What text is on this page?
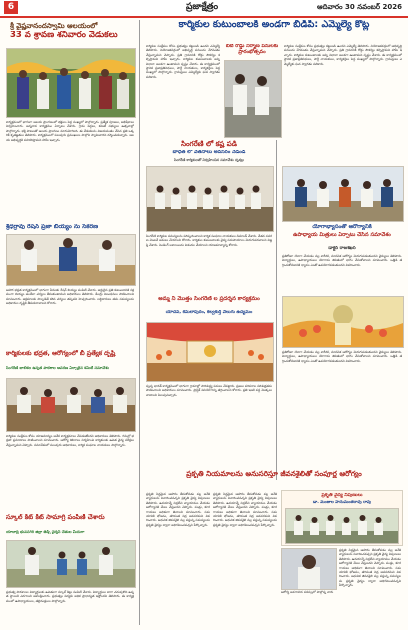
6	ప్రజాక్షేత్రం	ఆదివారం 30 నవంబర్ 2026
శ్రీ వైష్ణవానందస్వామి ఆలయంలో
33 వ శ్రావణ శనివారం వేడుకలు
కార్యక్రమంలో భాగంగా ఆలయ ప్రాంగణంలో భక్తులు పెద్ద సంఖ్యలో పాల్గొన్నారు. ప్రత్యేక పూజలు, అభిషేకాలు నిర్వహించారు. అన్నదాన కార్యక్రమం ఏర్పాటు చేశారు. గ్రామ పెద్దలు, కమిటీ సభ్యులు ఉత్సవాల్లో పాల్గొన్నారు. భక్తి పాటలతో ఆలయ ప్రాంగణం మారుమోగింది. ఈ వేడుకలను విజయవంతం చేసిన ప్రతి ఒక్కరికీ కృతజ్ఞతలు తెలిపారు. కార్యక్రమంలో పలువురు ప్రముఖులు పాల్గొని స్వామివారిని దర్శించుకున్నారు. ఆలయ అభివృద్ధికి సహకరిస్తామని హామీ ఇచ్చారు.
శ్రీధర్రావు రేషన్ ప్రజా బియ్యం ను సేకరణ
ఆహార భద్రత కార్యక్రమంలో భాగంగా పేదలకు రేషన్ బియ్యం పంపిణీ చేశారు. అర్హులైన ప్రతి కుటుంబానికి సక్రమంగా బియ్యం అందేలా చర్యలు తీసుకుంటామని అధికారులు తెలిపారు. డీలర్లు నిబంధనలు పాటించాలని సూచించారు. అక్రమాలకు పాల్పడితే కఠిన చర్యలు తప్పవని హెచ్చరించారు. లబ్ధిదారులు తమ సమస్యలను అధికారుల దృష్టికి తీసుకురావాలని కోరారు.
కార్మికులకు భద్రత, ఆరోగ్యంలో బీ ప్రత్యేక దృష్టి
సింగరేణి బాలికల ఉన్నత పాఠశాల ఆవరణ ఏర్పాటైన కమిటీ సమావేశం
కార్మికుల సంక్షేమం కోసం యాజమాన్యం అనేక కార్యక్రమాలు చేపడుతోందని అధికారులు తెలిపారు. గనుల్లో భద్రతా ప్రమాణాలు పాటించాలని సూచించారు. ఆరోగ్య శిబిరాలు నిర్వహించి కార్మికులకు ఉచిత వైద్య పరీక్షలు చేస్తున్నామని చెప్పారు. సమావేశంలో పలువురు అధికారులు, కార్మిక సంఘాల నాయకులు పాల్గొన్నారు.
స్కూల్ కిట్ కిట్ సామాగ్రి పంపిణీ చేశారు
యాదాద్రి భువనగిరి జిల్లా జెడ్పీ ఛైర్మన్ చేతుల మీదుగా
ప్రభుత్వ పాఠశాలల విద్యార్థులకు ఉచితంగా స్కూల్ కిట్లు పంపిణీ చేశారు. విద్యార్థులు బాగా చదువుకొని ఉన్నత స్థాయికి ఎదగాలని ఆకాంక్షించారు. ప్రభుత్వం విద్యకు అధిక ప్రాధాన్యత ఇస్తోందని తెలిపారు. ఈ కార్యక్రమంలో ఉపాధ్యాయులు, తల్లిదండ్రులు పాల్గొన్నారు.
కార్మికుల కుటుంబాలకి అండగా బీడీపీ: ఎమ్మెల్యే కొట్ల
కార్మికుల సంక్షేమం కోసం ప్రభుత్వం కట్టుబడి ఉందని ఎమ్మెల్యే తెలిపారు. నియోజకవర్గంలో అభివృద్ధి పనులను వేగవంతం చేస్తున్నామని చెప్పారు. ప్రతి గ్రామానికి రోడ్డు సౌకర్యం కల్పిస్తామని హామీ ఇచ్చారు. కార్మికుల కుటుంబాలకు అన్ని విధాలా అండగా ఉంటామని స్పష్టం చేశారు. ఈ కార్యక్రమంలో స్థానిక ప్రజాప్రతినిధులు, పార్టీ నాయకులు, కార్యకర్తలు పెద్ద సంఖ్యలో పాల్గొన్నారు. గ్రామస్తులు ఎమ్మెల్యేకు ఘన స్వాగతం పలికారు.
బీటీ రోడ్డు నిర్మాణ పనులకు ప్రారంభోత్సవం
కార్మికుల సంక్షేమం కోసం ప్రభుత్వం కట్టుబడి ఉందని ఎమ్మెల్యే తెలిపారు. నియోజకవర్గంలో అభివృద్ధి పనులను వేగవంతం చేస్తున్నామని చెప్పారు. ప్రతి గ్రామానికి రోడ్డు సౌకర్యం కల్పిస్తామని హామీ ఇచ్చారు. కార్మికుల కుటుంబాలకు అన్ని విధాలా అండగా ఉంటామని స్పష్టం చేశారు. ఈ కార్యక్రమంలో స్థానిక ప్రజాప్రతినిధులు, పార్టీ నాయకులు, కార్యకర్తలు పెద్ద సంఖ్యలో పాల్గొన్నారు. గ్రామస్తులు ఎమ్మెల్యేకు ఘన స్వాగతం పలికారు.
సింగరేణి లో కష్ట పడి
బాధిత లో వేతనాలు అవసరం నేడండి
సింగరేణి కార్మికులతో నిర్వహించిన సమావేశం దృశ్యం
సింగరేణి కార్మికుల సమస్యలను పరిష్కరించాలని కార్మిక సంఘాల నాయకులు డిమాండ్ చేశారు. వేతన సవరణ వెంటనే అమలు చేయాలని కోరారు. కార్మికుల కుటుంబాలకు వైద్య సదుపాయాలు మెరుగుపరచాలని విజ్ఞప్తి చేశారు. పెండింగ్ బకాయిలను విడుదల చేయాలని యాజమాన్యాన్ని కోరారు.
యోగాభ్యాసంతో ఆరోగ్యానికి
ఉపాధ్యాయ మిత్రులు ఏర్పాటు చేసిన సమావేశం
డాక్టర్ రాజశేఖర్
ప్రతిరోజూ యోగా చేయడం వల్ల శారీరక, మానసిక ఆరోగ్యం మెరుగుపడుతుందని వైద్యులు తెలిపారు. విద్యార్థులు, ఉపాధ్యాయులు యోగాను జీవితంలో భాగం చేసుకోవాలని సూచించారు. ఒత్తిడి తగ్గించుకోవడానికి ధ్యానం ఎంతో ఉపయోగపడుతుందని వివరించారు.
ప్రతిరోజూ యోగా చేయడం వల్ల శారీరక, మానసిక ఆరోగ్యం మెరుగుపడుతుందని వైద్యులు తెలిపారు. విద్యార్థులు, ఉపాధ్యాయులు యోగాను జీవితంలో భాగం చేసుకోవాలని సూచించారు. ఒత్తిడి తగ్గించుకోవడానికి ధ్యానం ఎంతో ఉపయోగపడుతుందని వివరించారు.
అమ్మ నీ మొత్తం సింగరేణి ల ప్రదర్శన కార్యక్రమం
యాదవ, కమలాపురం, కల్వకుర్తి వెలుగు ఉద్యమం
స్వచ్ఛ భారత్ కార్యక్రమంలో భాగంగా గ్రామాల్లో పారిశుద్ధ్య పనులు చేపట్టారు. ప్రజలు పరిసరాల పరిశుభ్రతను పాటించాలని అధికారులు సూచించారు. ప్లాస్టిక్ వినియోగాన్ని తగ్గించాలని కోరారు. ప్రతి ఇంటి వద్ద మొక్కలు నాటాలని పిలుపునిచ్చారు.
ప్రకృతి నియమాలను అనుసరిస్తూ జీవనశైలితో సంపూర్ణ ఆరోగ్యం
ప్రకృతి సిద్ధమైన ఆహారం తీసుకోవడం వల్ల అనేక వ్యాధులను నివారించవచ్చని ప్రకృతి వైద్య నిపుణులు తెలిపారు. ఉదయాన్నే నిద్రలేచి వ్యాయామం చేయడం ఆరోగ్యానికి మేలు చేస్తుందని చెప్పారు. పండ్లు, కూరగాయలు అధికంగా తినాలని సూచించారు. సమయానికి భోజనం, తగినంత నిద్ర అవసరమని వివరించారు. ఆధునిక జీవనశైలి వల్ల వస్తున్న సమస్యలను ప్రకృతి వైద్యం ద్వారా అధిగమించవచ్చని పేర్కొన్నారు.
ప్రకృతి సిద్ధమైన ఆహారం తీసుకోవడం వల్ల అనేక వ్యాధులను నివారించవచ్చని ప్రకృతి వైద్య నిపుణులు తెలిపారు. ఉదయాన్నే నిద్రలేచి వ్యాయామం చేయడం ఆరోగ్యానికి మేలు చేస్తుందని చెప్పారు. పండ్లు, కూరగాయలు అధికంగా తినాలని సూచించారు. సమయానికి భోజనం, తగినంత నిద్ర అవసరమని వివరించారు. ఆధునిక జీవనశైలి వల్ల వస్తున్న సమస్యలను ప్రకృతి వైద్యం ద్వారా అధిగమించవచ్చని పేర్కొన్నారు.
ప్రకృతి వైద్య నిపుణులు
డా. మంజుల హనుమంతరావు రావు
ఆరోగ్య అవగాహన సదస్సులో పాల్గొన్న వారు
ప్రకృతి సిద్ధమైన ఆహారం తీసుకోవడం వల్ల అనేక వ్యాధులను నివారించవచ్చని ప్రకృతి వైద్య నిపుణులు తెలిపారు. ఉదయాన్నే నిద్రలేచి వ్యాయామం చేయడం ఆరోగ్యానికి మేలు చేస్తుందని చెప్పారు. పండ్లు, కూరగాయలు అధికంగా తినాలని సూచించారు. సమయానికి భోజనం, తగినంత నిద్ర అవసరమని వివరించారు. ఆధునిక జీవనశైలి వల్ల వస్తున్న సమస్యలను ప్రకృతి వైద్యం ద్వారా అధిగమించవచ్చని పేర్కొన్నారు.
